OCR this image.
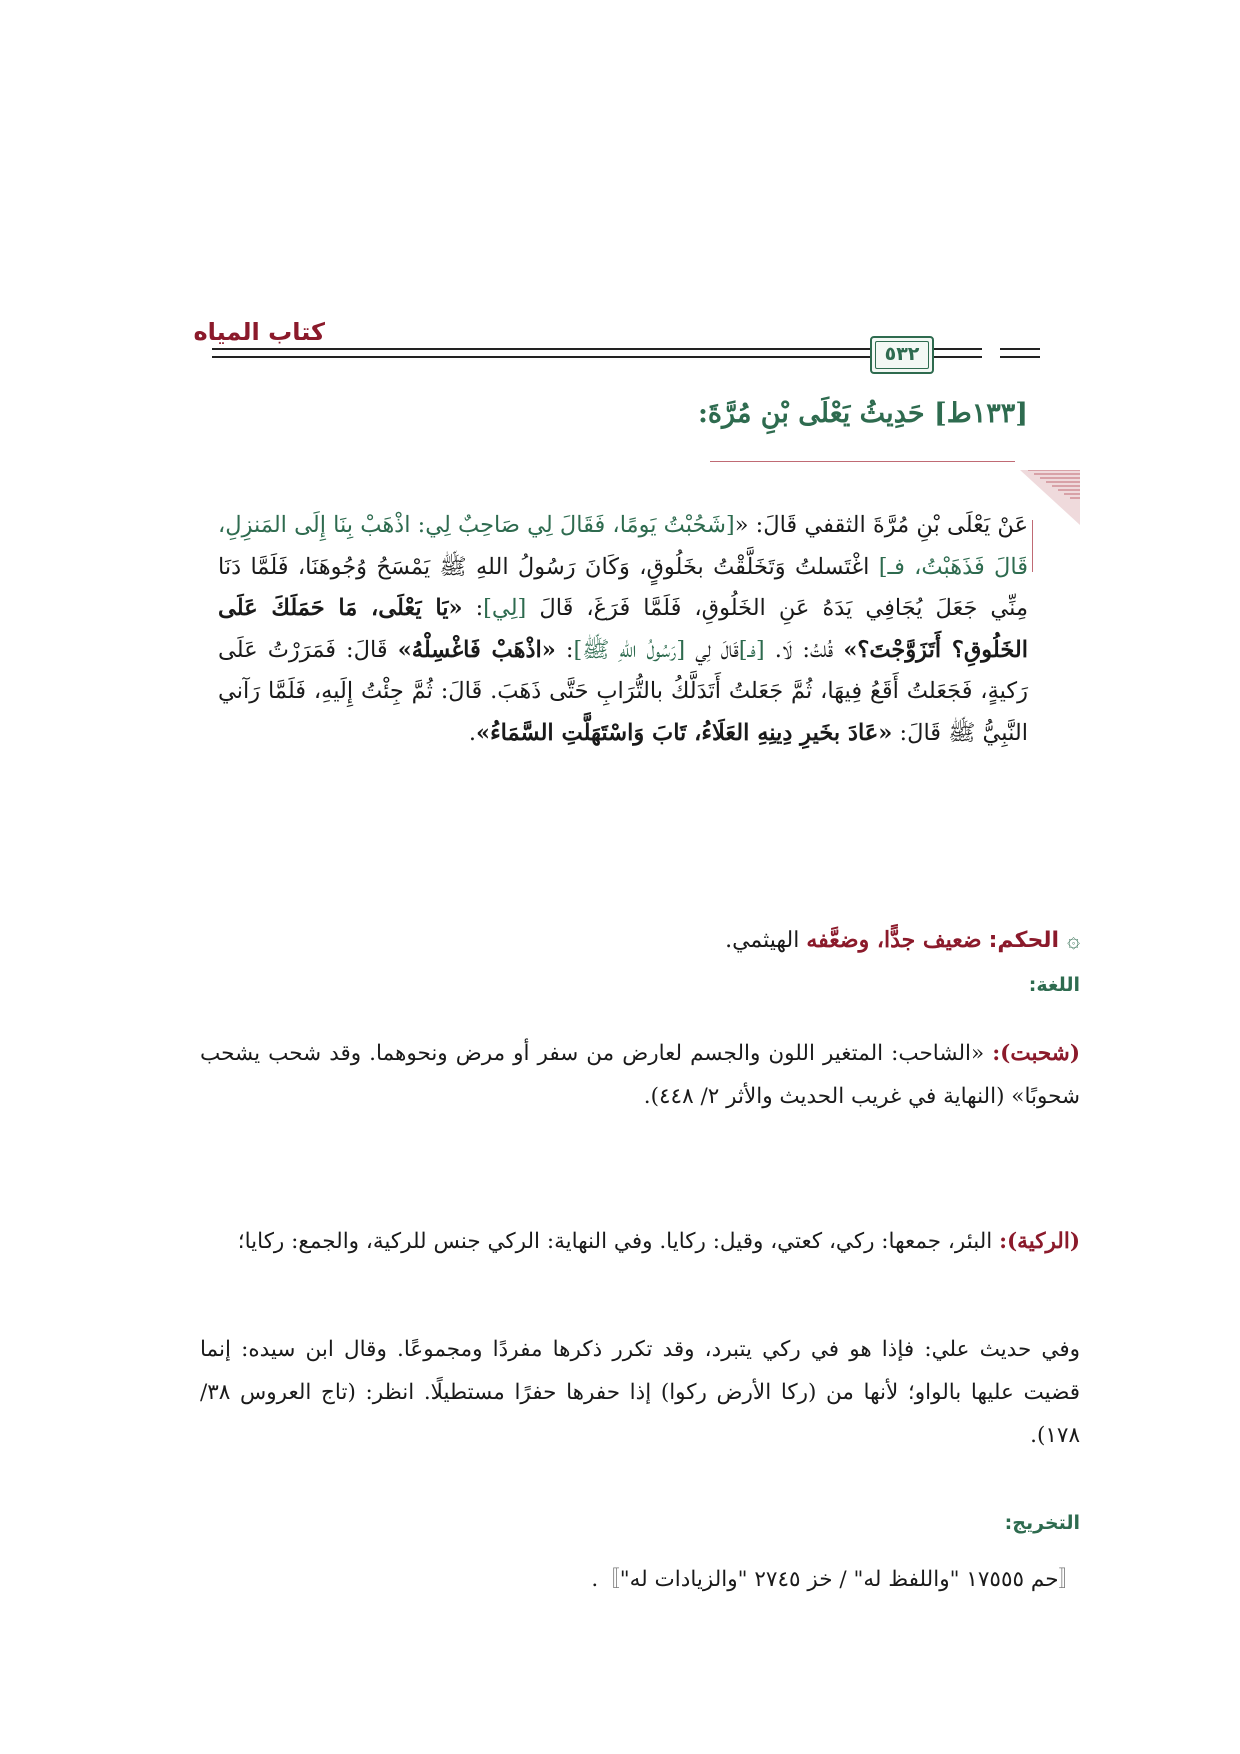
كتاب المياه
٥٣٢
[١٣٣ط] حَدِيثُ يَعْلَى بْنِ مُرَّةَ:
عَنْ يَعْلَى بْنِ مُرَّةَ الثقفي قَالَ: «[شَحُبْتُ يَومًا، فَقَالَ لِي صَاحِبٌ لِي: اذْهَبْ بِنَا إِلَى المَنزِلِ، قَالَ فَذَهَبْتُ، فـ] اغْتَسلتُ وَتَخَلَّقْتُ بخَلُوقٍ، وَكَانَ رَسُولُ اللهِ ﷺ يَمْسَحُ وُجُوهَنَا، فَلَمَّا دَنَا مِنِّي جَعَلَ يُجَافِي يَدَهُ عَنِ الخَلُوقِ، فَلَمَّا فَرَغَ، قَالَ [لِي]: «يَا يَعْلَى، مَا حَمَلَكَ عَلَى الخَلُوقِ؟ أَتَزَوَّجْتَ؟» قُلتُ: لَا. [فـ]قَالَ لِي [رَسُولُ اللهِ ﷺ]: «اذْهَبْ فَاغْسِلْهُ» قَالَ: فَمَرَرْتُ عَلَى رَكيةٍ، فَجَعَلتُ أَقَعُ فِيهَا، ثُمَّ جَعَلتُ أَتَدَلَّكُ بالتُّرَابِ حَتَّى ذَهَبَ. قَالَ: ثُمَّ جِئْتُ إِلَيهِ، فَلَمَّا رَآني النَّبِيُّ ﷺ قَالَ: «عَادَ بخَيرِ دِينِهِ العَلَاءُ، تَابَ وَاسْتَهَلَّتِ السَّمَاءُ».
۞الحكم: ضعيف جدًّا، وضعَّفه الهيثمي.
اللغة:
(شحبت): «الشاحب: المتغير اللون والجسم لعارض من سفر أو مرض ونحوهما. وقد شحب يشحب شحوبًا» (النهاية في غريب الحديث والأثر ٢/ ٤٤٨).
(الركية): البئر، جمعها: ركي، كعتي، وقيل: ركايا. وفي النهاية: الركي جنس للركية، والجمع: ركايا؛
وفي حديث علي: فإذا هو في ركي يتبرد، وقد تكرر ذكرها مفردًا ومجموعًا. وقال ابن سيده: إنما قضيت عليها بالواو؛ لأنها من (ركا الأرض ركوا) إذا حفرها حفرًا مستطيلًا. انظر: (تاج العروس ٣٨/ ١٧٨).
التخريج:
〚حم ١٧٥٥٥ "واللفظ له" / خز ٢٧٤٥ "والزيادات له"〛.
